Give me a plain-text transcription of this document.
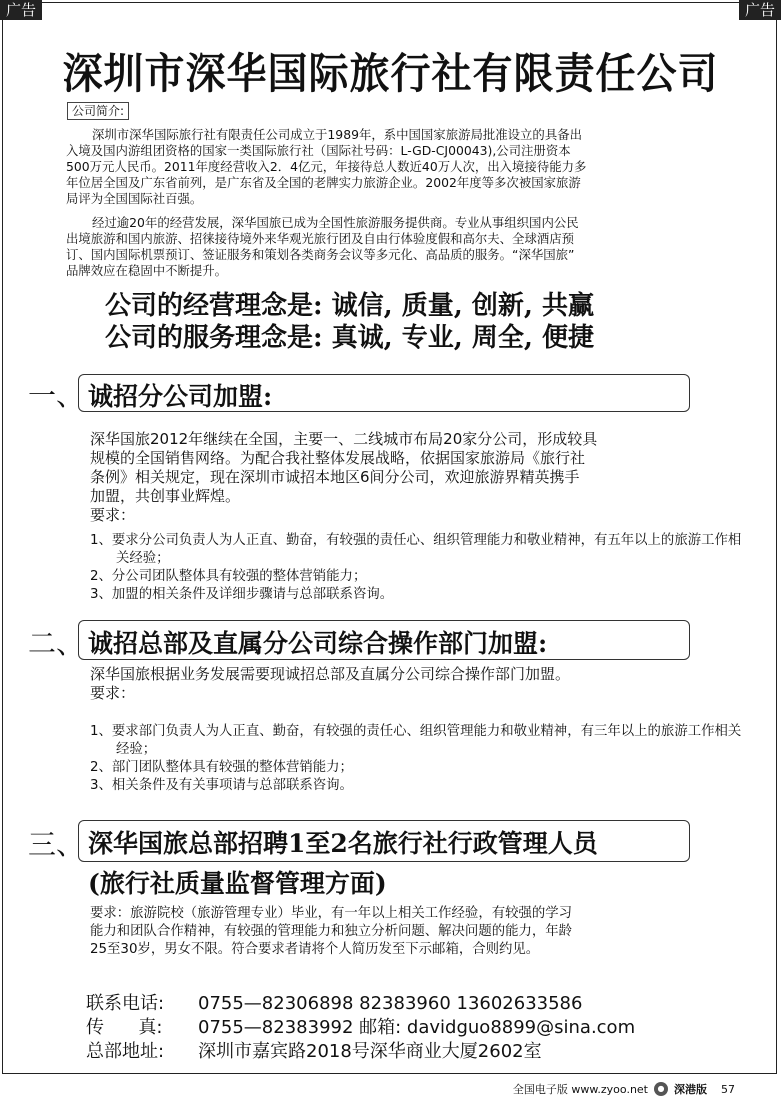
广告	广告
深圳市深华国际旅行社有限责任公司
公司简介:
深圳市深华国际旅行社有限责任公司成立于1989年，系中国国家旅游局批准设立的具备出
入境及国内游组团资格的国家一类国际旅行社（国际社号码：L-GD-CJ00043),公司注册资本
500万元人民币。2011年度经营收入2．4亿元，年接待总人数近40万人次，出入境接待能力多
年位居全国及广东省前列，是广东省及全国的老牌实力旅游企业。2002年度等多次被国家旅游
局评为全国国际社百强。
经过逾20年的经营发展，深华国旅已成为全国性旅游服务提供商。专业从事组织国内公民
出境旅游和国内旅游、招徕接待境外来华观光旅行团及自由行体验度假和高尔夫、全球酒店预
订、国内国际机票预订、签证服务和策划各类商务会议等多元化、高品质的服务。“深华国旅”
品牌效应在稳固中不断提升。
公司的经营理念是: 诚信, 质量, 创新, 共赢
公司的服务理念是: 真诚, 专业, 周全, 便捷
一、 诚招分公司加盟:
深华国旅2012年继续在全国，主要一、二线城市布局20家分公司，形成较具
规模的全国销售网络。为配合我社整体发展战略，依据国家旅游局《旅行社
条例》相关规定，现在深圳市诚招本地区6间分公司，欢迎旅游界精英携手
加盟，共创事业辉煌。
要求：
1、要求分公司负责人为人正直、勤奋，有较强的责任心、组织管理能力和敬业精神，有五年以上的旅游工作相关经验；
2、分公司团队整体具有较强的整体营销能力；
3、加盟的相关条件及详细步骤请与总部联系咨询。
二、 诚招总部及直属分公司综合操作部门加盟:
深华国旅根据业务发展需要现诚招总部及直属分公司综合操作部门加盟。
要求：
1、要求部门负责人为人正直、勤奋，有较强的责任心、组织管理能力和敬业精神，有三年以上的旅游工作相关经验；
2、部门团队整体具有较强的整体营销能力；
3、相关条件及有关事项请与总部联系咨询。
三、 深华国旅总部招聘1至2名旅行社行政管理人员
(旅行社质量监督管理方面)
要求：旅游院校（旅游管理专业）毕业，有一年以上相关工作经验，有较强的学习
能力和团队合作精神，有较强的管理能力和独立分析问题、解决问题的能力，年龄
25至30岁，男女不限。符合要求者请将个人简历发至下示邮箱，合则约见。
联系电话: 0755—82306898 82383960 13602633586
传      真: 0755—82383992 邮箱: davidguo8899@sina.com
总部地址: 深圳市嘉宾路2018号深华商业大厦2602室
全国电子版 www.zyoo.net	● 深港版 57
